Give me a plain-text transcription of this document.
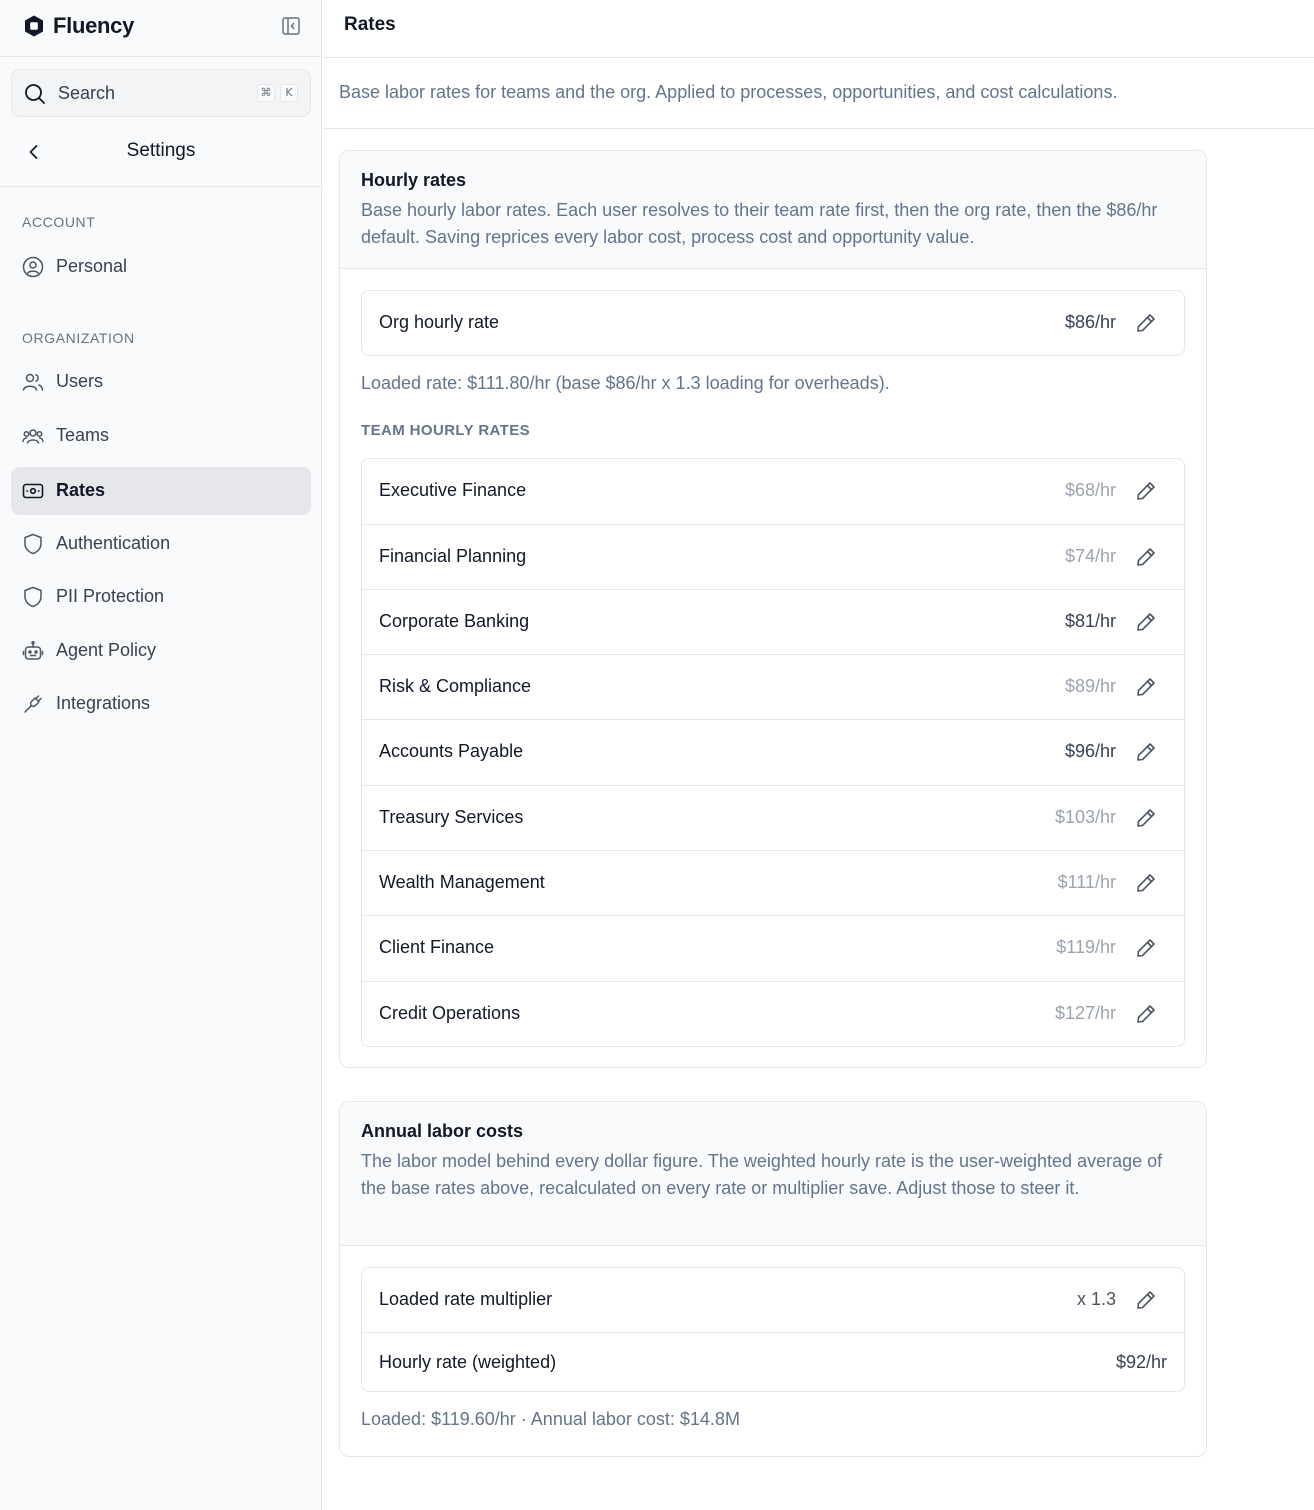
Fluency
Search	⌘	K
Settings
ACCOUNT
Personal
ORGANIZATION
Users
Teams
Rates
Authentication
PII Protection
Agent Policy
Integrations
Rates

Base labor rates for teams and the org. Applied to processes, opportunities, and cost calculations.

Hourly rates

Base hourly labor rates. Each user resolves to their team rate first, then the org rate, then the $86/hr default. Saving reprices every labor cost, process cost and opportunity value.

Org hourly rate	$86/hr

Loaded rate: $111.80/hr (base $86/hr x 1.3 loading for overheads).

TEAM HOURLY RATES
Executive Finance	$68/hr
Financial Planning	$74/hr
Corporate Banking	$81/hr
Risk & Compliance	$89/hr
Accounts Payable	$96/hr
Treasury Services	$103/hr
Wealth Management	$111/hr
Client Finance	$119/hr
Credit Operations	$127/hr
Annual labor costs

The labor model behind every dollar figure. The weighted hourly rate is the user-weighted average of the base rates above, recalculated on every rate or multiplier save. Adjust those to steer it.

Loaded rate multiplier	x 1.3
Hourly rate (weighted)	$92/hr

Loaded: $119.60/hr · Annual labor cost: $14.8M
